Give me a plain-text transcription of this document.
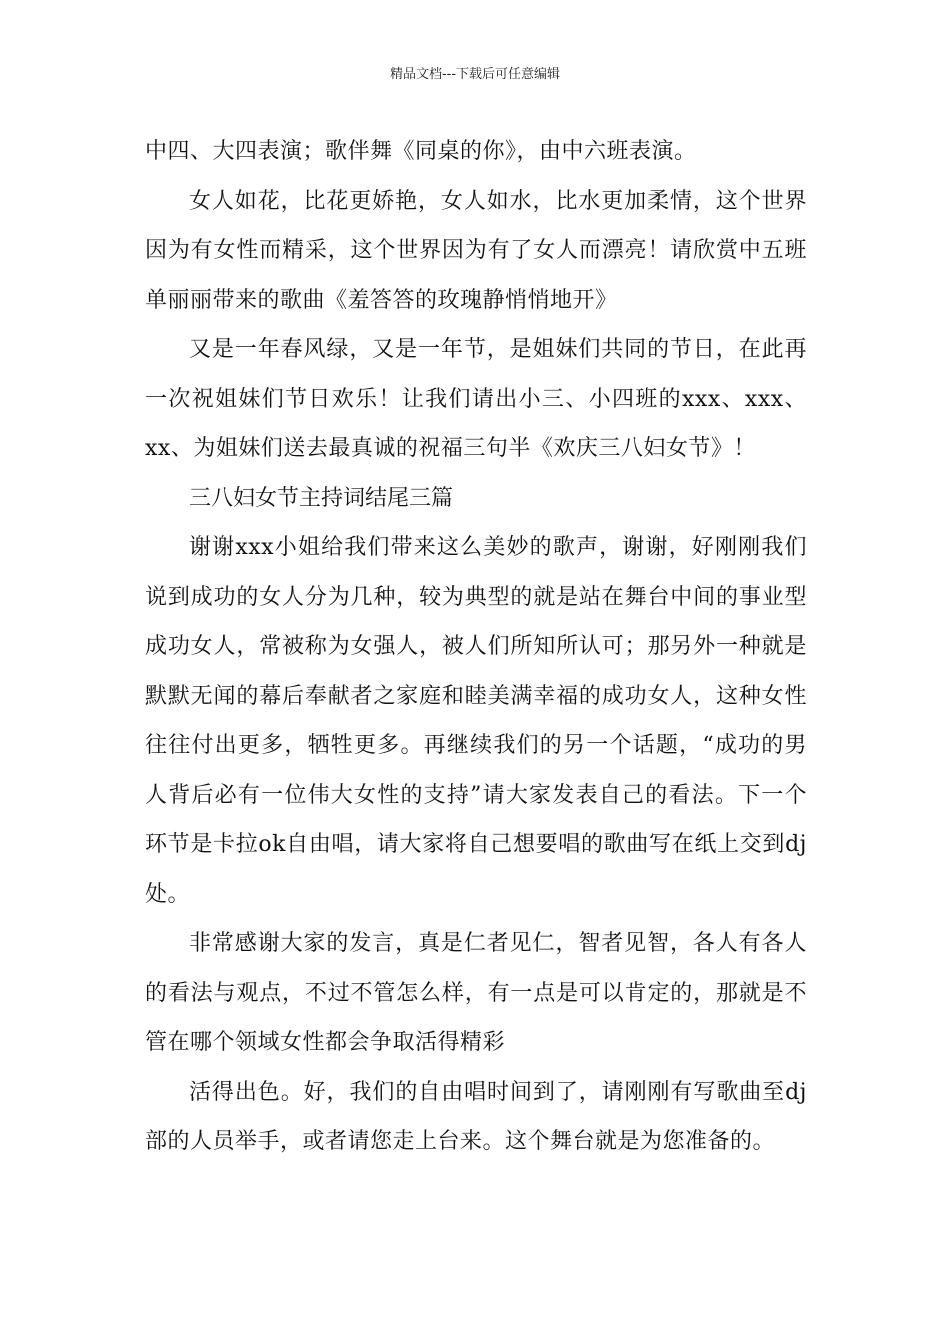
精品文档---下载后可任意编辑

中四、大四表演；歌伴舞《同桌的你》，由中六班表演。

女人如花，比花更娇艳，女人如水，比水更加柔情，这个世界因为有女性而精采，这个世界因为有了女人而漂亮！请欣赏中五班单丽丽带来的歌曲《羞答答的玫瑰静悄悄地开》

又是一年春风绿，又是一年节，是姐妹们共同的节日，在此再一次祝姐妹们节日欢乐！让我们请出小三、小四班的xxx、xxx、xx、为姐妹们送去最真诚的祝福三句半《欢庆三八妇女节》！

三八妇女节主持词结尾三篇

谢谢xxx小姐给我们带来这么美妙的歌声，谢谢，好刚刚我们说到成功的女人分为几种，较为典型的就是站在舞台中间的事业型成功女人，常被称为女强人，被人们所知所认可；那另外一种就是默默无闻的幕后奉献者之家庭和睦美满幸福的成功女人，这种女性往往付出更多，牺牲更多。再继续我们的另一个话题，“成功的男人背后必有一位伟大女性的支持”请大家发表自己的看法。下一个环节是卡拉ok自由唱，请大家将自己想要唱的歌曲写在纸上交到dj处。

非常感谢大家的发言，真是仁者见仁，智者见智，各人有各人的看法与观点，不过不管怎么样，有一点是可以肯定的，那就是不管在哪个领域女性都会争取活得精彩

活得出色。好，我们的自由唱时间到了，请刚刚有写歌曲至dj部的人员举手，或者请您走上台来。这个舞台就是为您准备的。
